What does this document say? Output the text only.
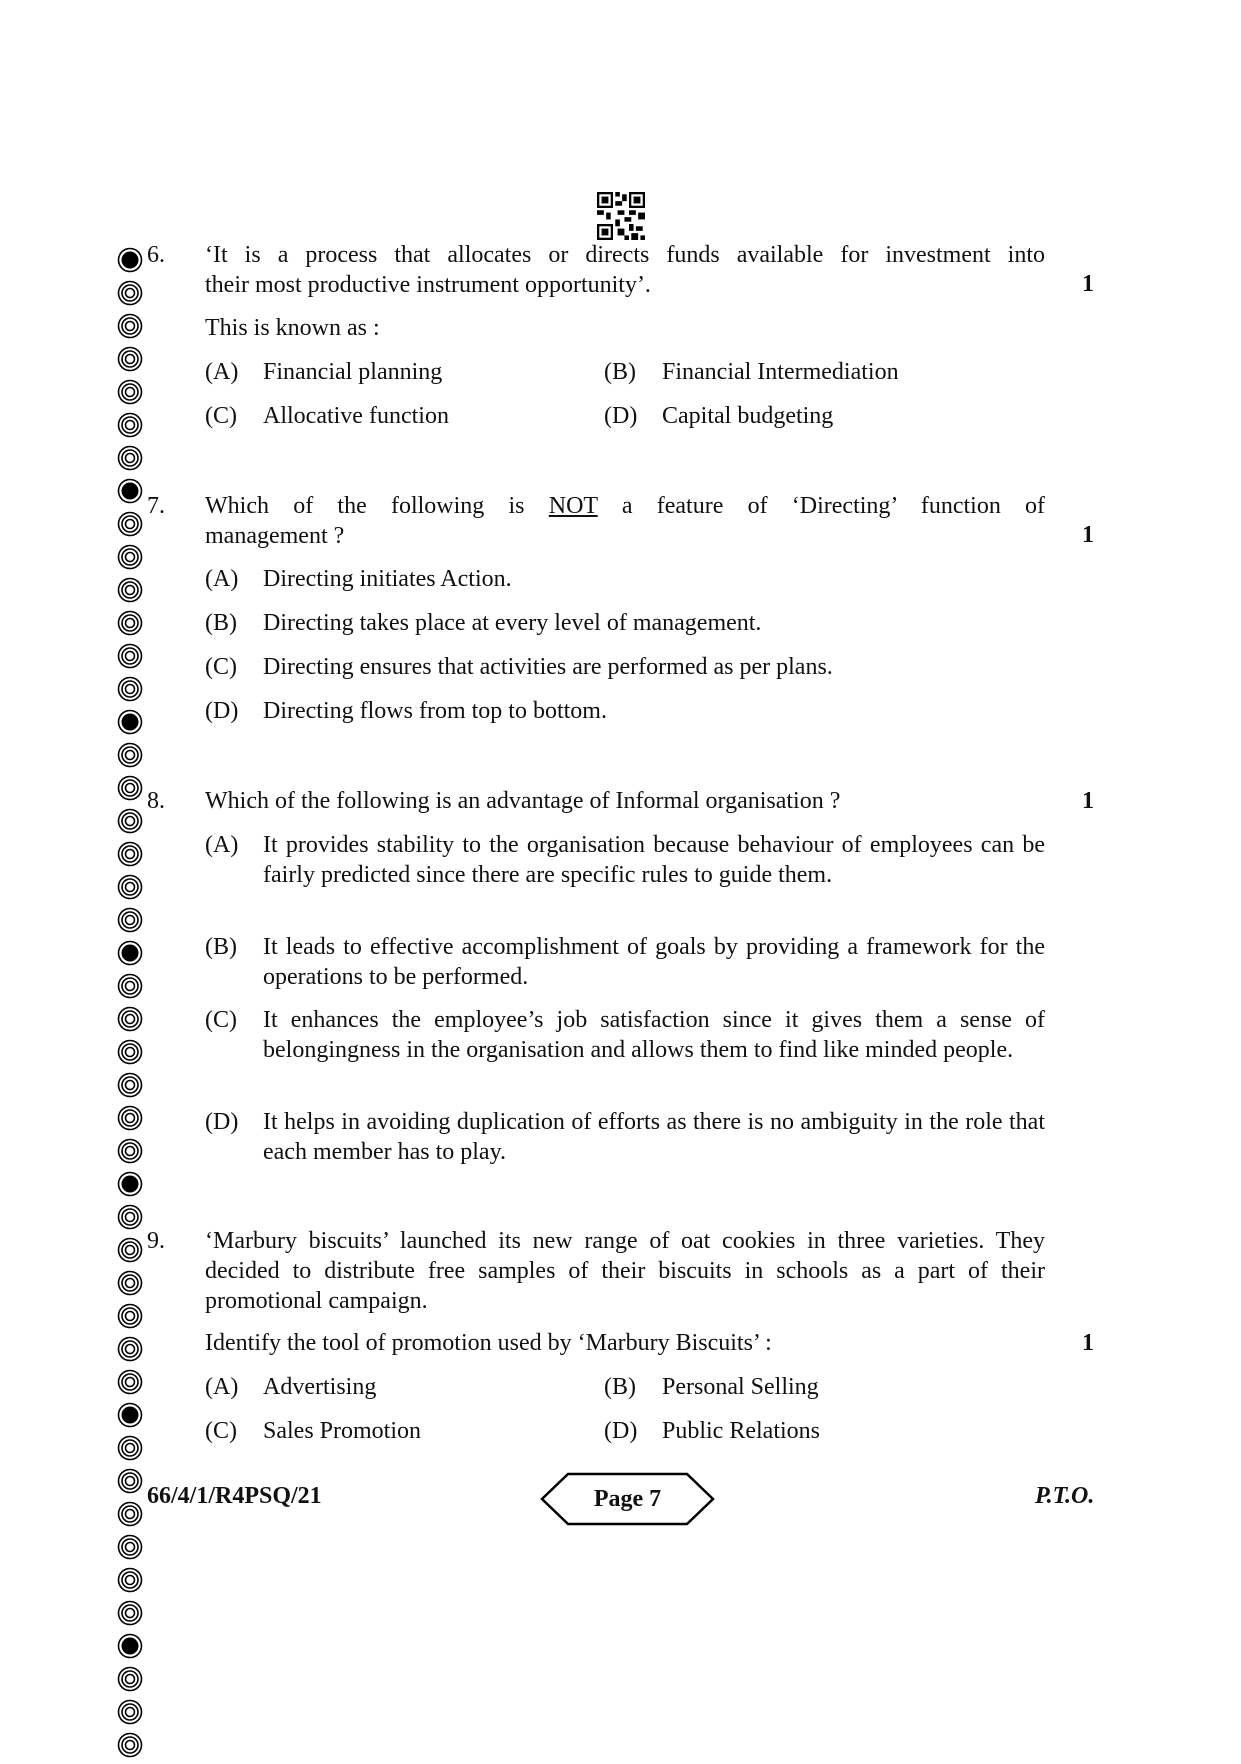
6. ‘It is a process that allocates or directs funds available for investment into
their most productive instrument opportunity’.	1
This is known as :
(A) Financial planning	(B) Financial Intermediation
(C) Allocative function	(D) Capital budgeting
7. Which of the following is NOT a feature of ‘Directing’ function of
management ?	1
(A) Directing initiates Action.
(B) Directing takes place at every level of management.
(C) Directing ensures that activities are performed as per plans.
(D) Directing flows from top to bottom.
8. Which of the following is an advantage of Informal organisation ?	1
(A) It provides stability to the organisation because behaviour of employees can be fairly predicted since there are specific rules to guide them.
(B) It leads to effective accomplishment of goals by providing a framework for the operations to be performed.
(C) It enhances the employee’s job satisfaction since it gives them a sense of belongingness in the organisation and allows them to find like minded people.
(D) It helps in avoiding duplication of efforts as there is no ambiguity in the role that each member has to play.
9. ‘Marbury biscuits’ launched its new range of oat cookies in three varieties. They decided to distribute free samples of their biscuits in schools as a part of their promotional campaign.
Identify the tool of promotion used by ‘Marbury Biscuits’ :	1
(A) Advertising	(B) Personal Selling
(C) Sales Promotion	(D) Public Relations
66/4/1/R4PSQ/21	Page 7	P.T.O.
